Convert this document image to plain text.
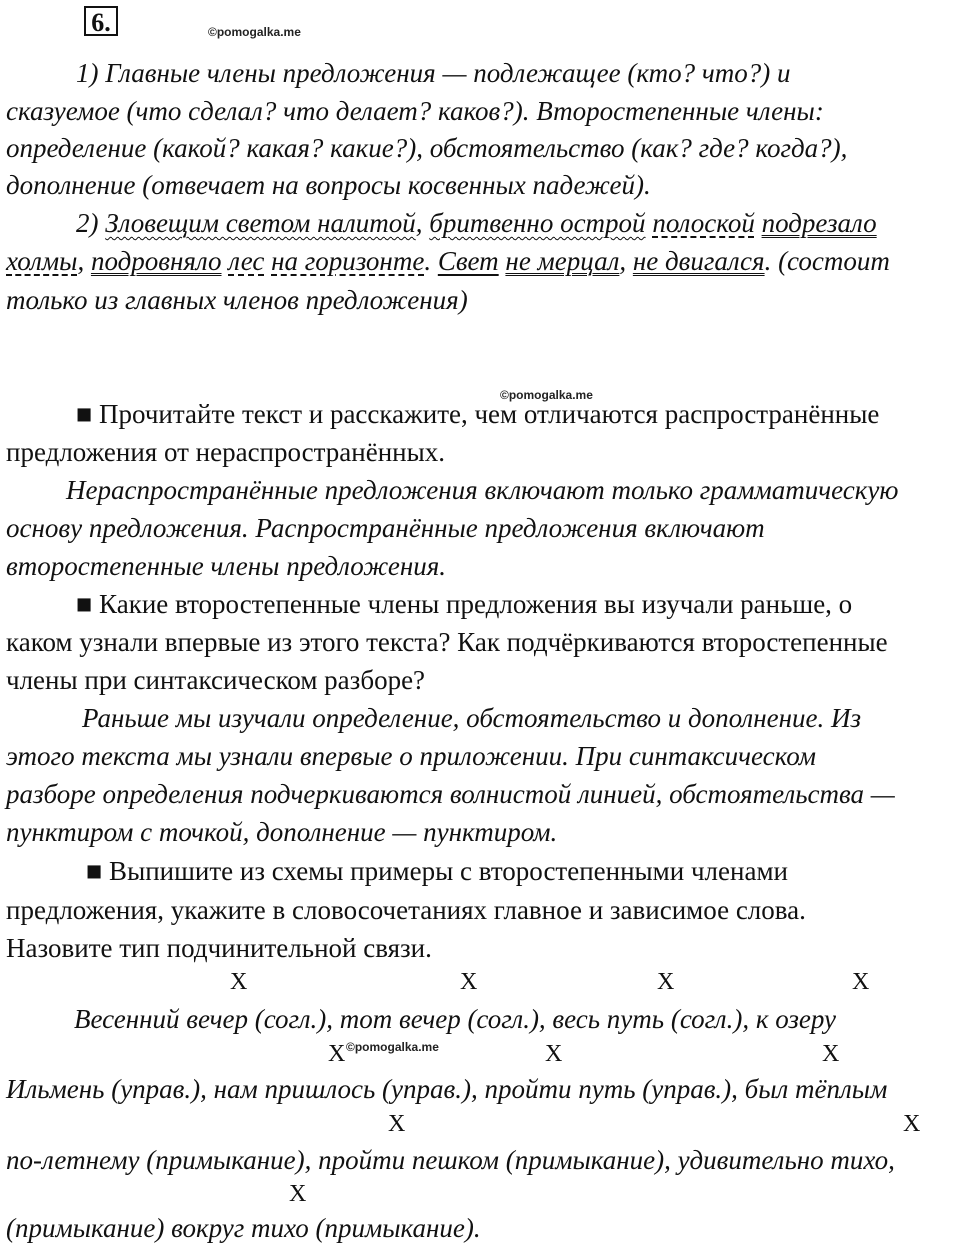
6.	©pomogalka.me
1) Главные члены предложения — подлежащее (кто? что?) и
сказуемое (что сделал? что делает? каков?). Второстепенные члены:
определение (какой? какая? какие?), обстоятельство (как? где? когда?),
дополнение (отвечает на вопросы косвенных падежей).
2) Зловещим светом налитой, бритвенно острой полоской подрезало
холмы, подровняло лес на горизонте. Свет не мерцал, не двигался. (состоит
только из главных членов предложения)
©pomogalka.me
■ Прочитайте текст и расскажите, чем отличаются распространённые
предложения от нераспространённых.
Нераспространённые предложения включают только грамматическую
основу предложения. Распространённые предложения включают
второстепенные члены предложения.
■ Какие второстепенные члены предложения вы изучали раньше, о
каком узнали впервые из этого текста? Как подчёркиваются второстепенные
члены при синтаксическом разборе?
Раньше мы изучали определение, обстоятельство и дополнение. Из
этого текста мы узнали впервые о приложении. При синтаксическом
разборе определения подчеркиваются волнистой линией, обстоятельства —
пунктиром с точкой, дополнение — пунктиром.
■ Выпишите из схемы примеры с второстепенными членами
предложения, укажите в словосочетаниях главное и зависимое слова.
Назовите тип подчинительной связи.
X	X	X	X
Весенний вечер (согл.), тот вечер (согл.), весь путь (согл.), к озеру
X ©pomogalka.me	X	X
Ильмень (управ.), нам пришлось (управ.), пройти путь (управ.), был тёплым
X	X
по-летнему (примыкание), пройти пешком (примыкание), удивительно тихо,
X
(примыкание) вокруг тихо (примыкание).
